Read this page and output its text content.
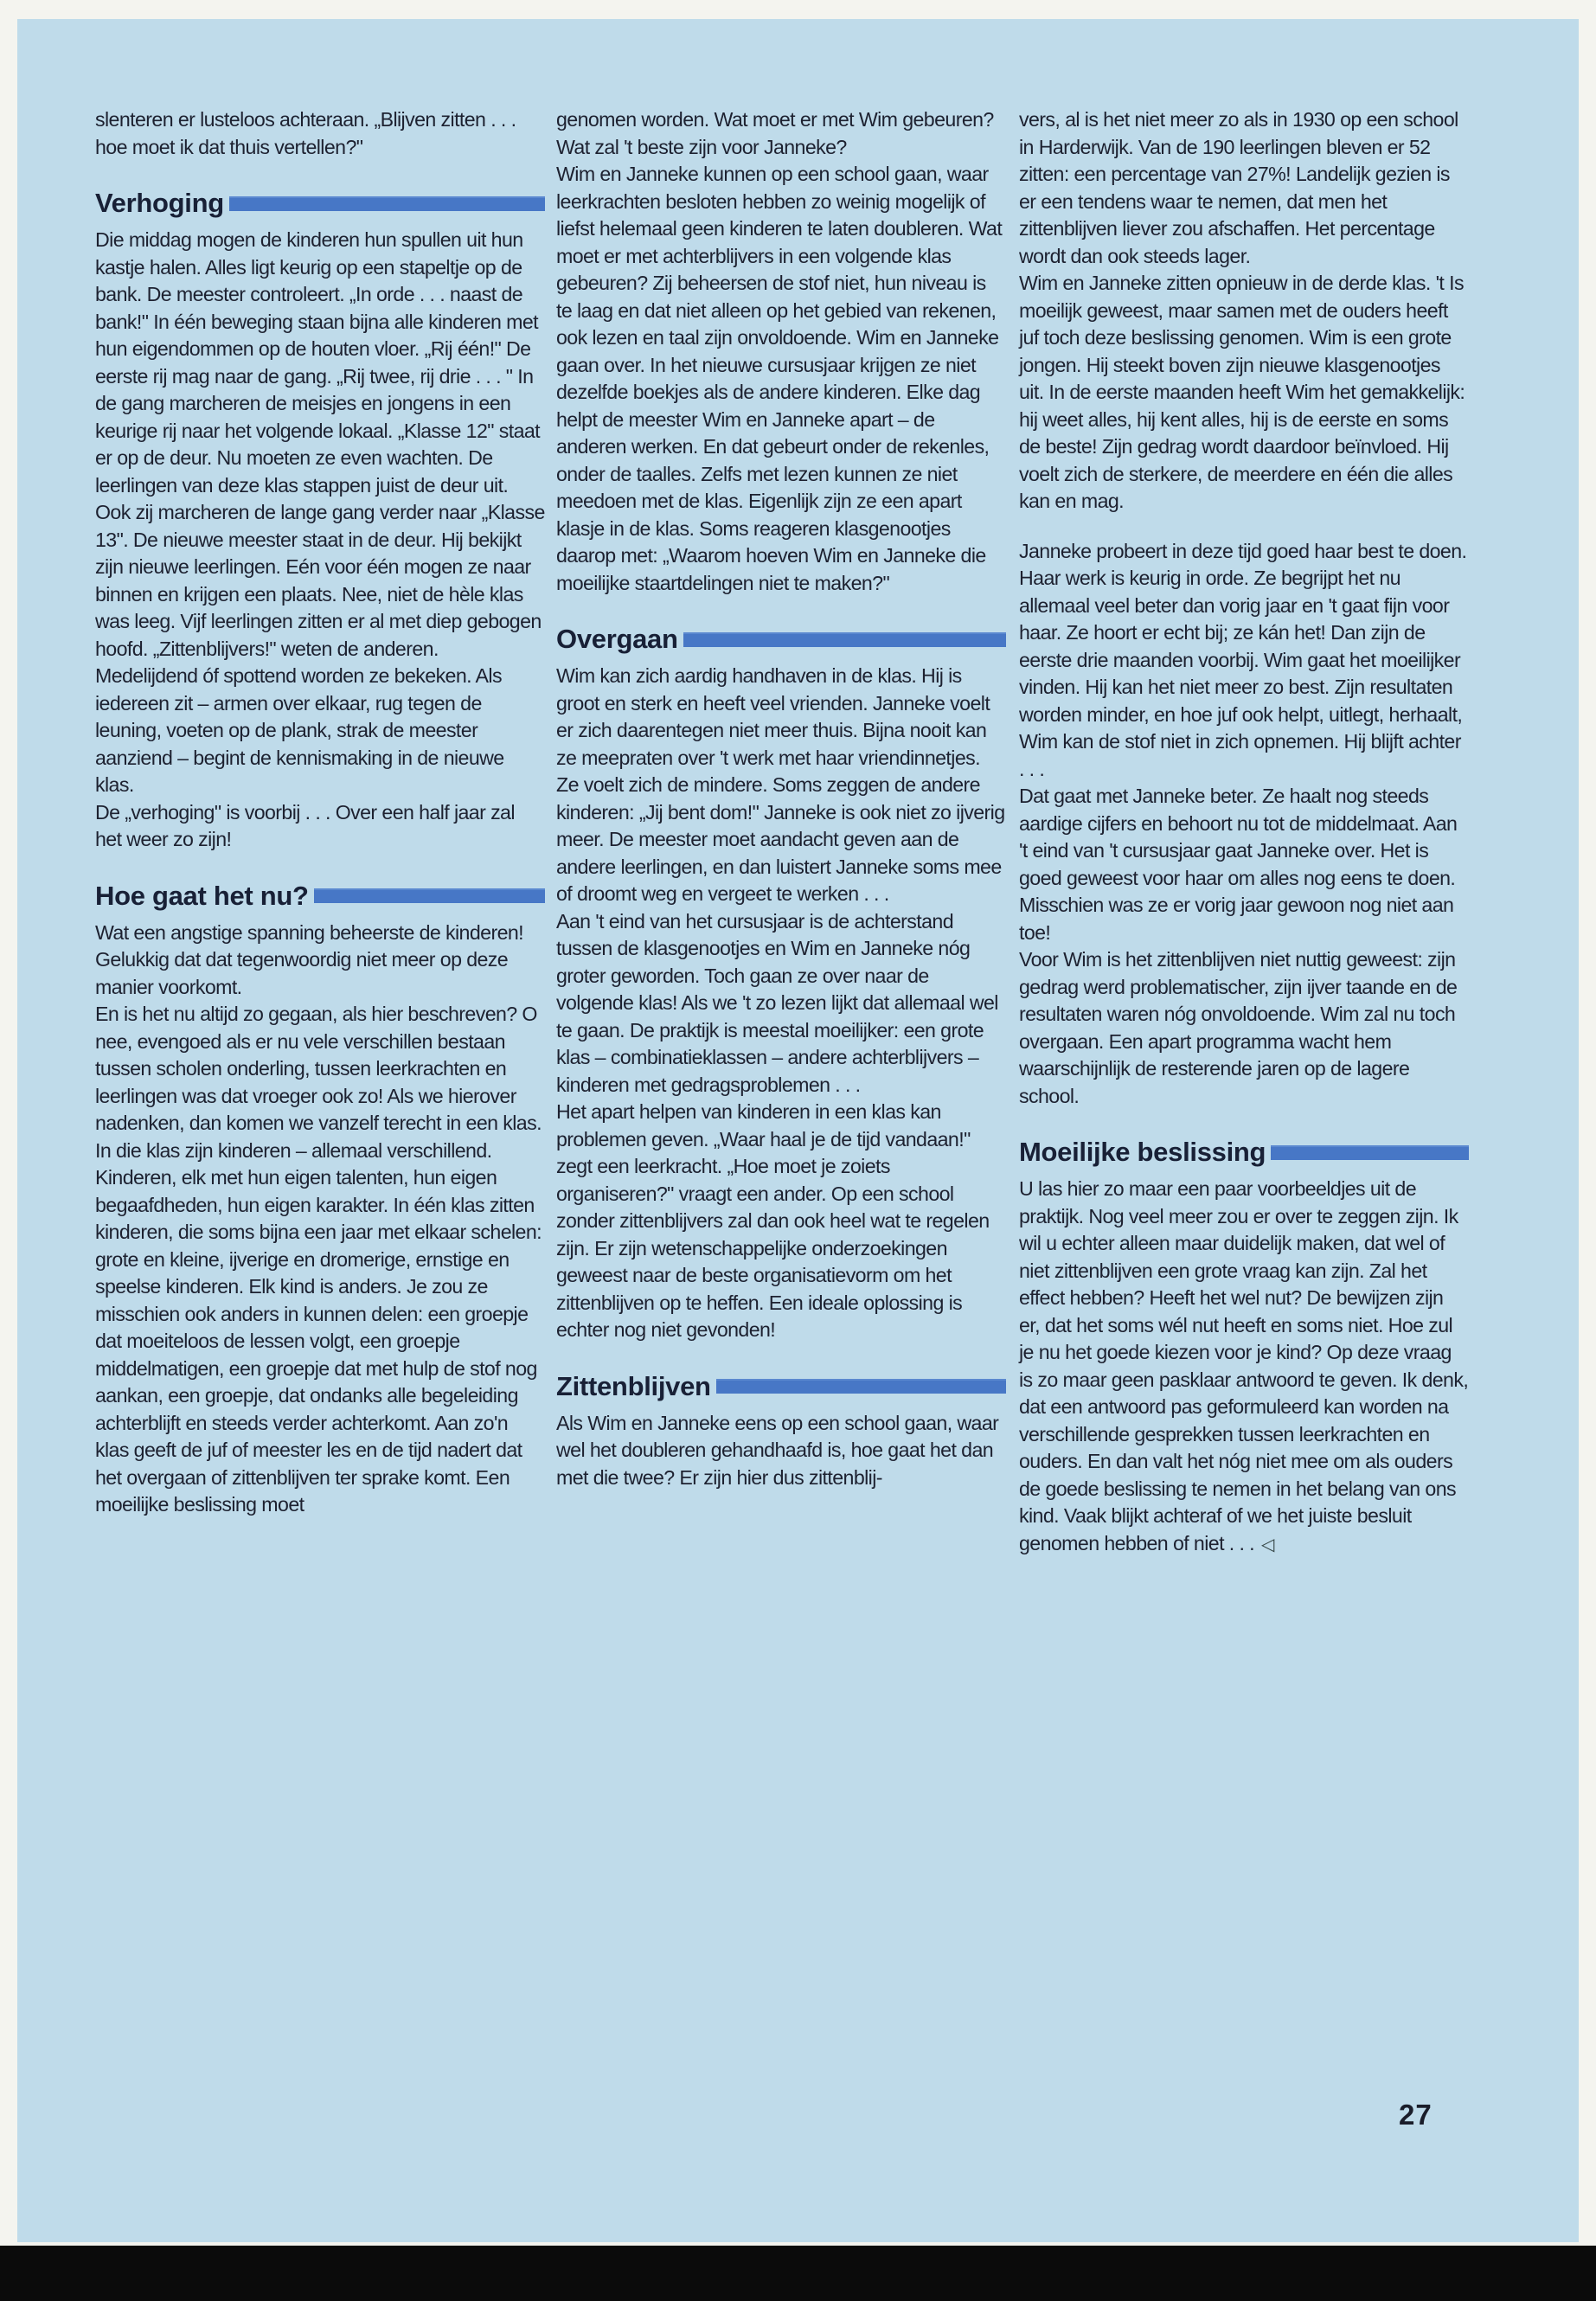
slenteren er lusteloos achteraan. „Blijven zitten . . . hoe moet ik dat thuis vertellen?"

Verhoging

Die middag mogen de kinderen hun spullen uit hun kastje halen. Alles ligt keurig op een stapeltje op de bank. De meester controleert. „In orde . . . naast de bank!" In één beweging staan bijna alle kinderen met hun eigendommen op de houten vloer. „Rij één!" De eerste rij mag naar de gang. „Rij twee, rij drie . . . " In de gang marcheren de meisjes en jongens in een keurige rij naar het volgende lokaal. „Klasse 12" staat er op de deur. Nu moeten ze even wachten. De leerlingen van deze klas stappen juist de deur uit. Ook zij marcheren de lange gang verder naar „Klasse 13". De nieuwe meester staat in de deur. Hij bekijkt zijn nieuwe leerlingen. Eén voor één mogen ze naar binnen en krijgen een plaats. Nee, niet de hèle klas was leeg. Vijf leerlingen zitten er al met diep gebogen hoofd. „Zittenblijvers!" weten de anderen. Medelijdend óf spottend worden ze bekeken. Als iedereen zit – armen over elkaar, rug tegen de leuning, voeten op de plank, strak de meester aanziend – begint de kennismaking in de nieuwe klas.

De „verhoging" is voorbij . . . Over een half jaar zal het weer zo zijn!

Hoe gaat het nu?

Wat een angstige spanning beheerste de kinderen! Gelukkig dat dat tegenwoordig niet meer op deze manier voorkomt.

En is het nu altijd zo gegaan, als hier beschreven? O nee, evengoed als er nu vele verschillen bestaan tussen scholen onderling, tussen leerkrachten en leerlingen was dat vroeger ook zo! Als we hierover nadenken, dan komen we vanzelf terecht in een klas. In die klas zijn kinderen – allemaal verschillend. Kinderen, elk met hun eigen talenten, hun eigen begaafdheden, hun eigen karakter. In één klas zitten kinderen, die soms bijna een jaar met elkaar schelen: grote en kleine, ijverige en dromerige, ernstige en speelse kinderen. Elk kind is anders. Je zou ze misschien ook anders in kunnen delen: een groepje dat moeiteloos de lessen volgt, een groepje middelmatigen, een groepje dat met hulp de stof nog aankan, een groepje, dat ondanks alle begeleiding achterblijft en steeds verder achterkomt. Aan zo'n klas geeft de juf of meester les en de tijd nadert dat het overgaan of zittenblijven ter sprake komt. Een moeilijke beslissing moet

genomen worden. Wat moet er met Wim gebeuren? Wat zal 't beste zijn voor Janneke?

Wim en Janneke kunnen op een school gaan, waar leerkrachten besloten hebben zo weinig mogelijk of liefst helemaal geen kinderen te laten doubleren. Wat moet er met achterblijvers in een volgende klas gebeuren? Zij beheersen de stof niet, hun niveau is te laag en dat niet alleen op het gebied van rekenen, ook lezen en taal zijn onvoldoende. Wim en Janneke gaan over. In het nieuwe cursusjaar krijgen ze niet dezelfde boekjes als de andere kinderen. Elke dag helpt de meester Wim en Janneke apart – de anderen werken. En dat gebeurt onder de rekenles, onder de taalles. Zelfs met lezen kunnen ze niet meedoen met de klas. Eigenlijk zijn ze een apart klasje in de klas. Soms reageren klasgenootjes daarop met: „Waarom hoeven Wim en Janneke die moeilijke staartdelingen niet te maken?"

Overgaan

Wim kan zich aardig handhaven in de klas. Hij is groot en sterk en heeft veel vrienden. Janneke voelt er zich daarentegen niet meer thuis. Bijna nooit kan ze meepraten over 't werk met haar vriendinnetjes. Ze voelt zich de mindere. Soms zeggen de andere kinderen: „Jij bent dom!" Janneke is ook niet zo ijverig meer. De meester moet aandacht geven aan de andere leerlingen, en dan luistert Janneke soms mee of droomt weg en vergeet te werken . . .

Aan 't eind van het cursusjaar is de achterstand tussen de klasgenootjes en Wim en Janneke nóg groter geworden. Toch gaan ze over naar de volgende klas! Als we 't zo lezen lijkt dat allemaal wel te gaan. De praktijk is meestal moeilijker: een grote klas – combinatieklassen – andere achterblijvers – kinderen met gedragsproblemen . . .

Het apart helpen van kinderen in een klas kan problemen geven. „Waar haal je de tijd vandaan!" zegt een leerkracht. „Hoe moet je zoiets organiseren?" vraagt een ander. Op een school zonder zittenblijvers zal dan ook heel wat te regelen zijn. Er zijn wetenschappelijke onderzoekingen geweest naar de beste organisatievorm om het zittenblijven op te heffen. Een ideale oplossing is echter nog niet gevonden!

Zittenblijven

Als Wim en Janneke eens op een school gaan, waar wel het doubleren gehandhaafd is, hoe gaat het dan met die twee? Er zijn hier dus zittenblij-

vers, al is het niet meer zo als in 1930 op een school in Harderwijk. Van de 190 leerlingen bleven er 52 zitten: een percentage van 27%! Landelijk gezien is er een tendens waar te nemen, dat men het zittenblijven liever zou afschaffen. Het percentage wordt dan ook steeds lager.

Wim en Janneke zitten opnieuw in de derde klas. 't Is moeilijk geweest, maar samen met de ouders heeft juf toch deze beslissing genomen. Wim is een grote jongen. Hij steekt boven zijn nieuwe klasgenootjes uit. In de eerste maanden heeft Wim het gemakkelijk: hij weet alles, hij kent alles, hij is de eerste en soms de beste! Zijn gedrag wordt daardoor beïnvloed. Hij voelt zich de sterkere, de meerdere en één die alles kan en mag.

Janneke probeert in deze tijd goed haar best te doen. Haar werk is keurig in orde. Ze begrijpt het nu allemaal veel beter dan vorig jaar en 't gaat fijn voor haar. Ze hoort er echt bij; ze kán het! Dan zijn de eerste drie maanden voorbij. Wim gaat het moeilijker vinden. Hij kan het niet meer zo best. Zijn resultaten worden minder, en hoe juf ook helpt, uitlegt, herhaalt, Wim kan de stof niet in zich opnemen. Hij blijft achter . . .

Dat gaat met Janneke beter. Ze haalt nog steeds aardige cijfers en behoort nu tot de middelmaat. Aan 't eind van 't cursusjaar gaat Janneke over. Het is goed geweest voor haar om alles nog eens te doen. Misschien was ze er vorig jaar gewoon nog niet aan toe!

Voor Wim is het zittenblijven niet nuttig geweest: zijn gedrag werd problematischer, zijn ijver taande en de resultaten waren nóg onvoldoende. Wim zal nu toch overgaan. Een apart programma wacht hem waarschijnlijk de resterende jaren op de lagere school.

Moeilijke beslissing

U las hier zo maar een paar voorbeeldjes uit de praktijk. Nog veel meer zou er over te zeggen zijn. Ik wil u echter alleen maar duidelijk maken, dat wel of niet zittenblijven een grote vraag kan zijn. Zal het effect hebben? Heeft het wel nut? De bewijzen zijn er, dat het soms wél nut heeft en soms niet. Hoe zul je nu het goede kiezen voor je kind? Op deze vraag is zo maar geen pasklaar antwoord te geven. Ik denk, dat een antwoord pas geformuleerd kan worden na verschillende gesprekken tussen leerkrachten en ouders. En dan valt het nóg niet mee om als ouders de goede beslissing te nemen in het belang van ons kind. Vaak blijkt achteraf of we het juiste besluit genomen hebben of niet . . . ◁

27
